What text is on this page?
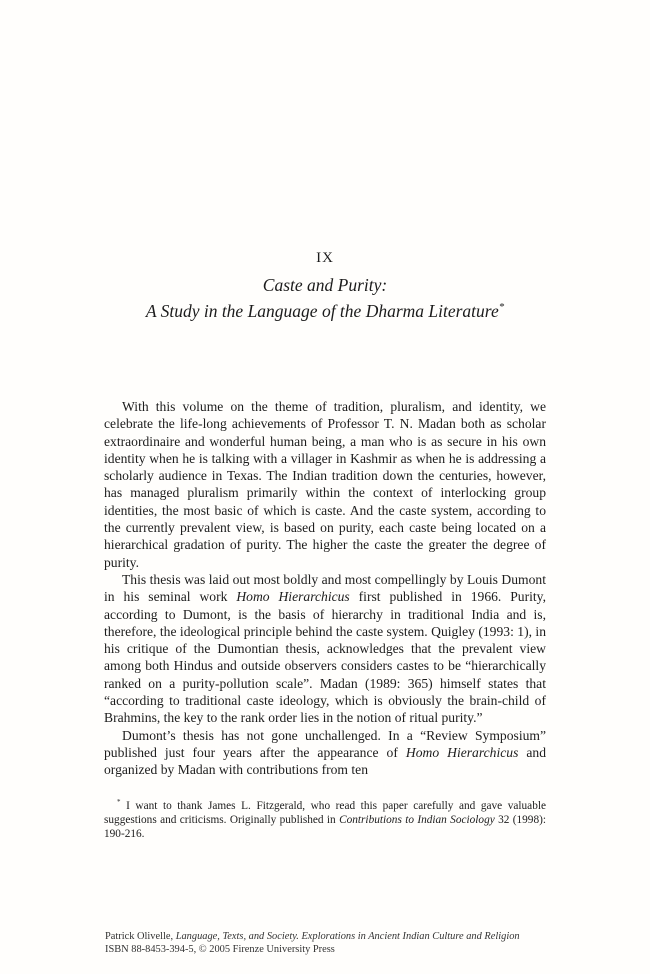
IX
Caste and Purity:
A Study in the Language of the Dharma Literature*

With this volume on the theme of tradition, pluralism, and identity, we celebrate the life-long achievements of Professor T. N. Madan both as scholar extraordinaire and wonderful human being, a man who is as secure in his own identity when he is talking with a villager in Kashmir as when he is addressing a scholarly audience in Texas. The Indian tradition down the centuries, however, has managed pluralism primarily within the context of interlocking group identities, the most basic of which is caste. And the caste system, according to the currently prevalent view, is based on purity, each caste being located on a hierarchical gradation of purity. The higher the caste the greater the degree of purity.

This thesis was laid out most boldly and most compellingly by Louis Dumont in his seminal work Homo Hierarchicus first published in 1966. Purity, according to Dumont, is the basis of hierarchy in traditional India and is, therefore, the ideological principle behind the caste system. Quigley (1993: 1), in his critique of the Dumontian thesis, acknowledges that the prevalent view among both Hindus and outside observers considers castes to be “hierarchically ranked on a purity-pollution scale”. Madan (1989: 365) himself states that “according to traditional caste ideology, which is obviously the brain-child of Brahmins, the key to the rank order lies in the notion of ritual purity.”

Dumont’s thesis has not gone unchallenged. In a “Review Symposium” published just four years after the appearance of Homo Hierarchicus and organized by Madan with contributions from ten

* I want to thank James L. Fitzgerald, who read this paper carefully and gave valuable suggestions and criticisms. Originally published in Contributions to Indian Sociology 32 (1998): 190-216.
Patrick Olivelle, Language, Texts, and Society. Explorations in Ancient Indian Culture and Religion
ISBN 88-8453-394-5, © 2005 Firenze University Press
